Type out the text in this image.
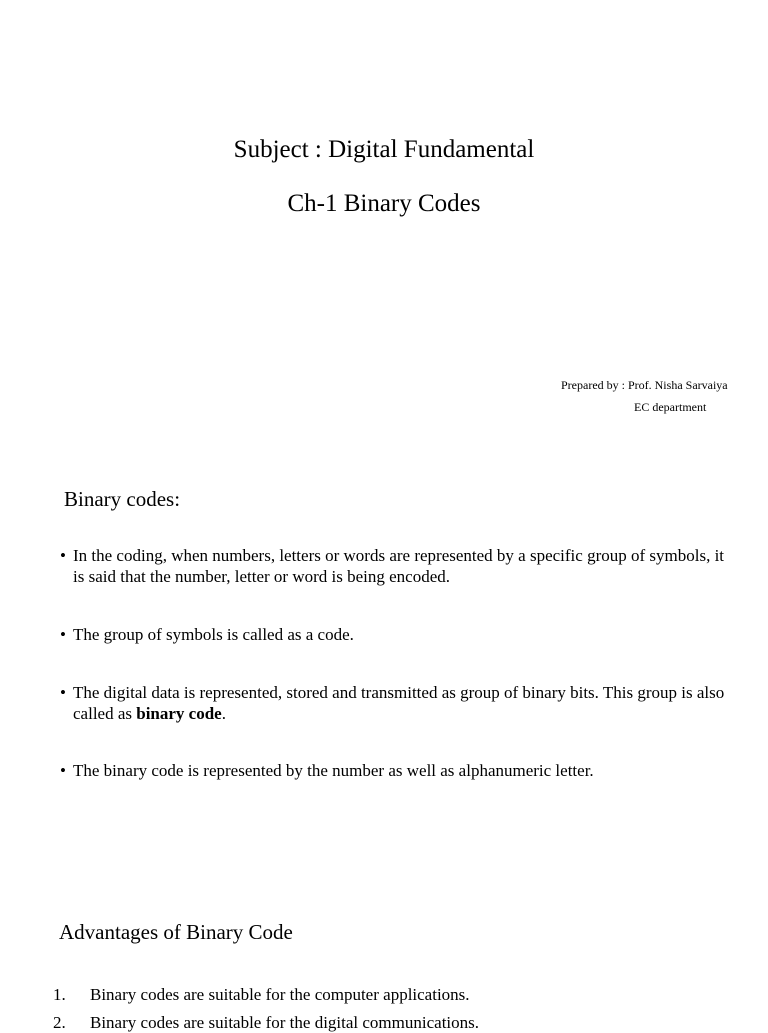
Subject : Digital Fundamental
Ch-1 Binary Codes
Prepared by : Prof. Nisha Sarvaiya
EC department
Binary codes:
• In the coding, when numbers, letters or words are represented by a specific group of symbols, it is said that the number, letter or word is being encoded.
• The group of symbols is called as a code.
• The digital data is represented, stored and transmitted as group of binary bits. This group is also called as binary code.
• The binary code is represented by the number as well as alphanumeric letter.
Advantages of Binary Code
1. Binary codes are suitable for the computer applications.
2. Binary codes are suitable for the digital communications.
